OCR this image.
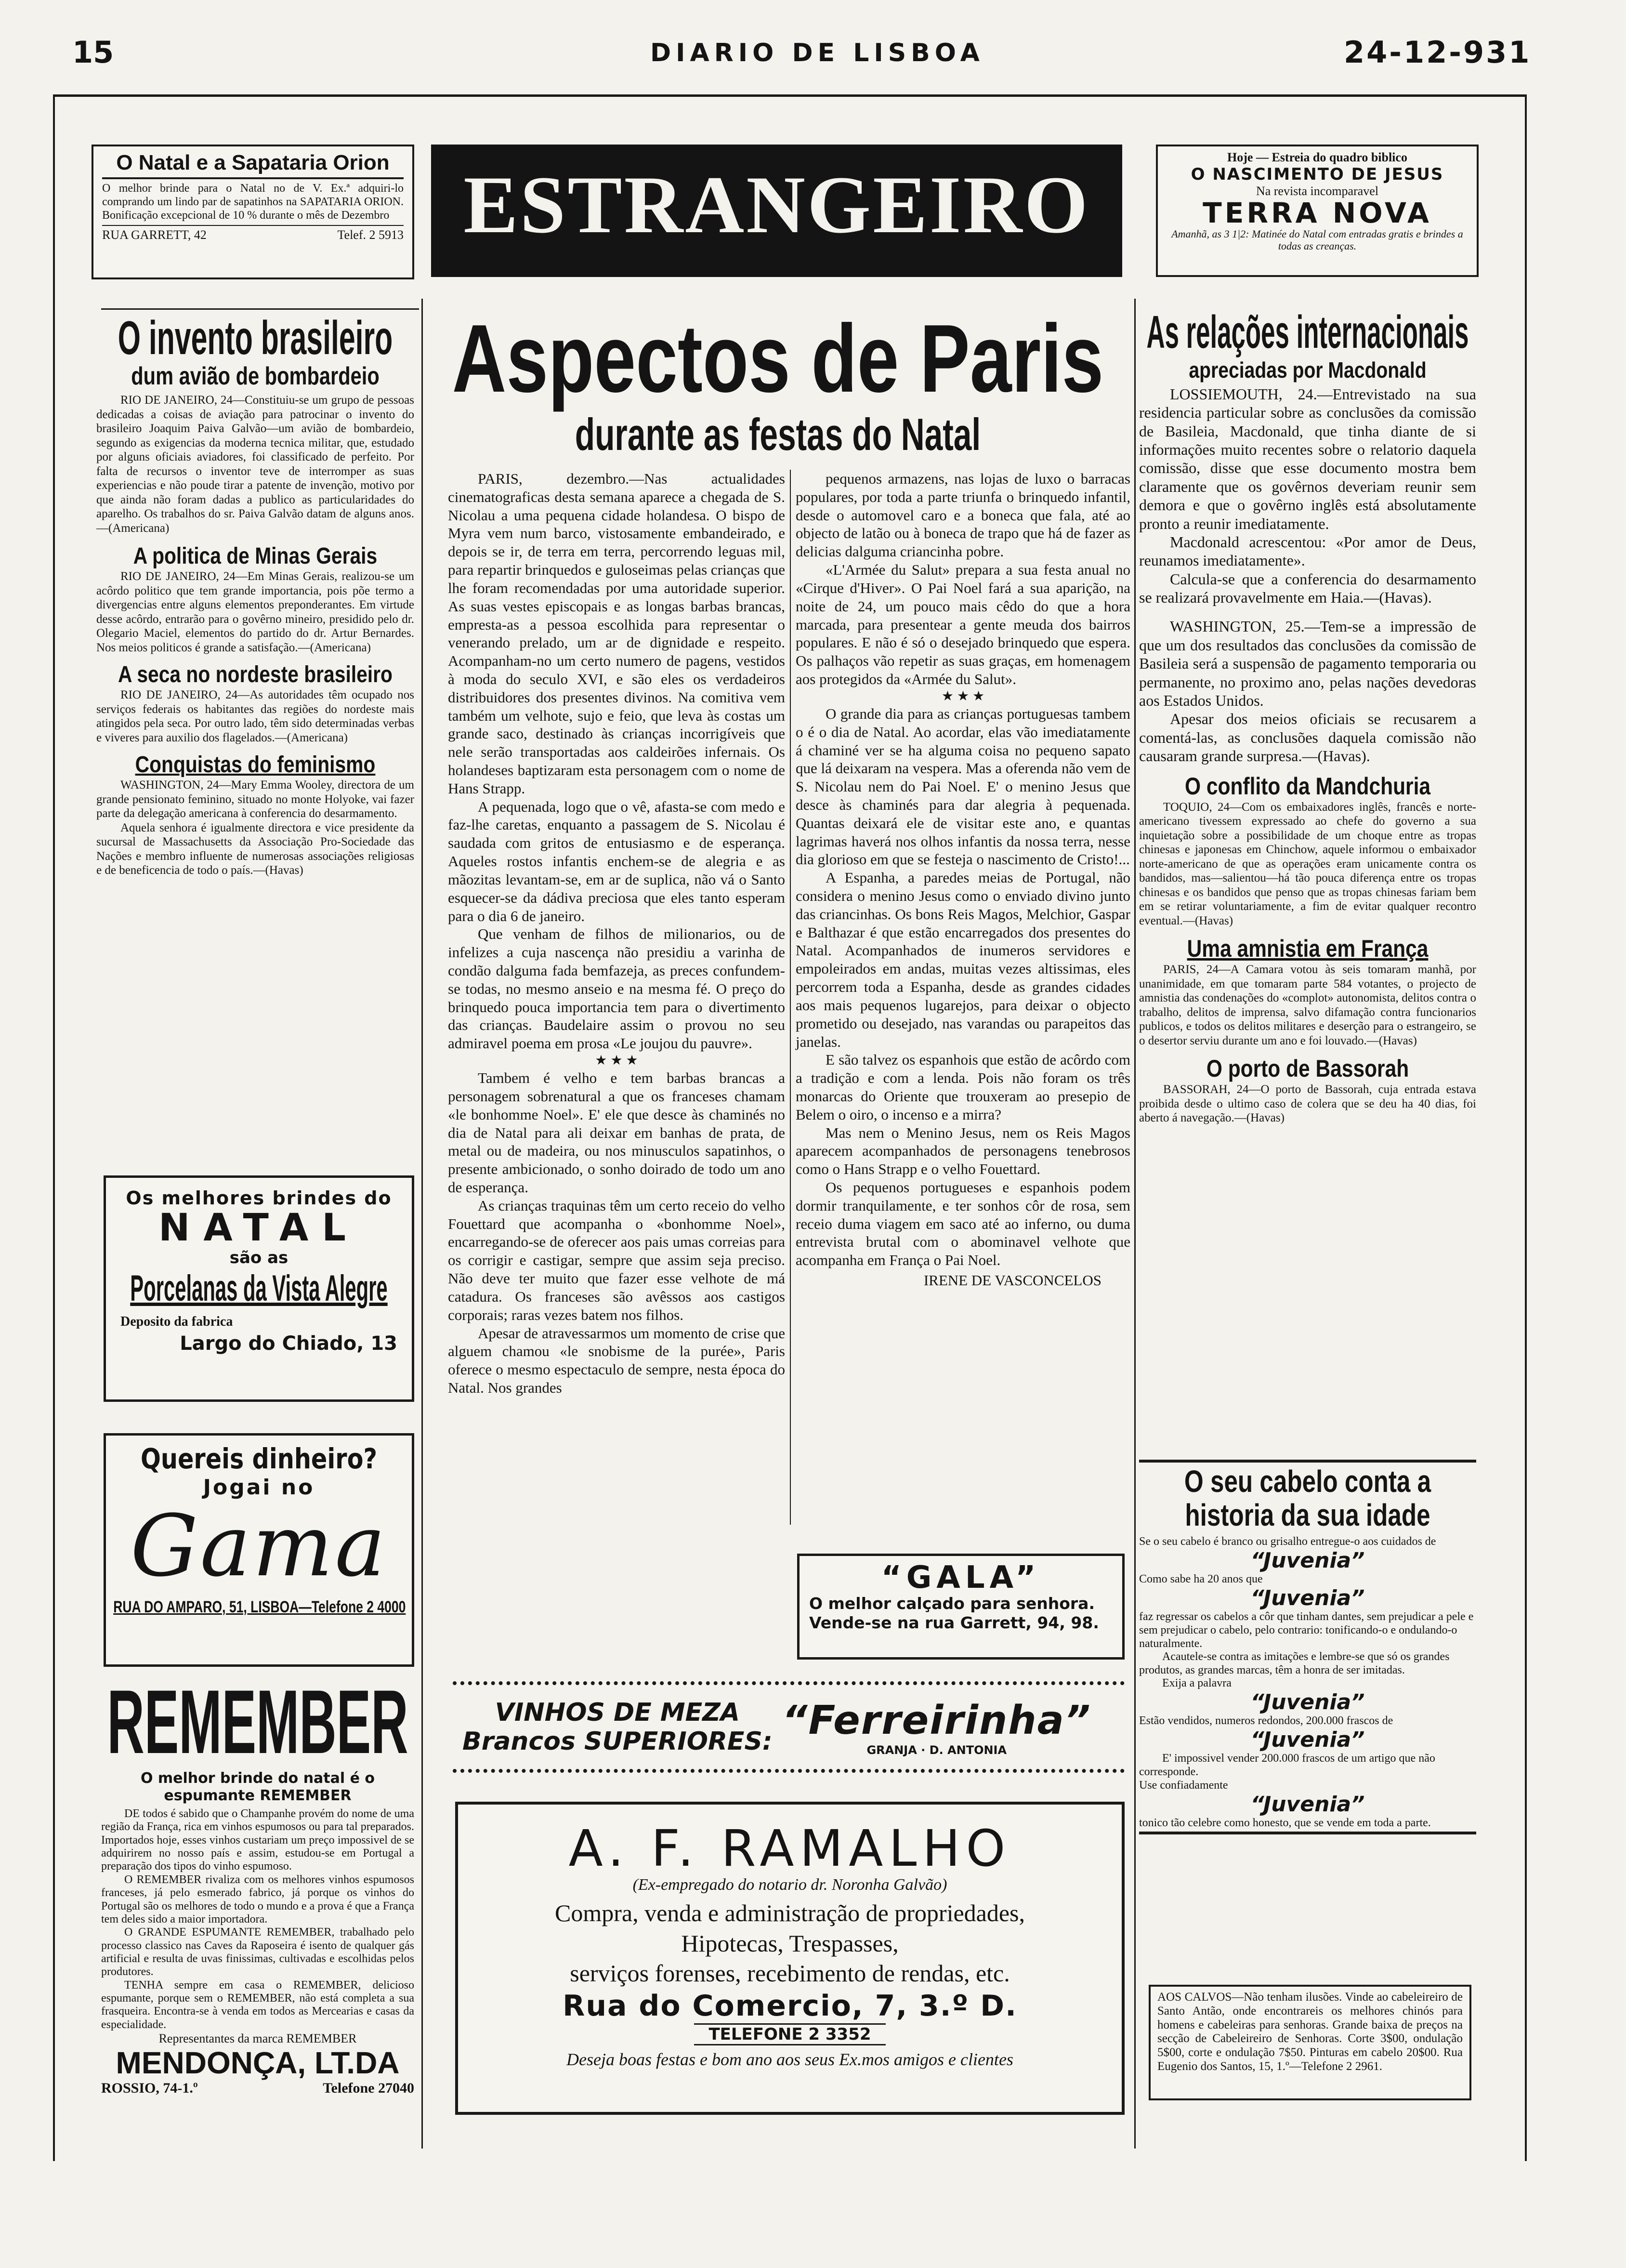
15	DIARIO DE LISBOA	24-12-931
O Natal e a Sapataria Orion
O melhor brinde para o Natal no de V. Ex.ª adquiri-lo comprando um lindo par de sapatinhos na SAPATARIA ORION. Bonificação excepcional de 10 % durante o mês de Dezembro
RUA GARRETT, 42	Telef. 2 5913 ESTRANGEIRO
Hoje — Estreia do quadro biblico
O NASCIMENTO DE JESUS
Na revista incomparavel
TERRA NOVA
Amanhã, as 3 1|2: Matinée do Natal com entradas gratis e brindes a todas as creanças.
O invento brasileiro
dum avião de bombardeio
RIO DE JANEIRO, 24—Constituiu-se um grupo de pessoas dedicadas a coisas de aviação para patrocinar o invento do brasileiro Joaquim Paiva Galvão—um avião de bombardeio, segundo as exigencias da moderna tecnica militar, que, estudado por alguns oficiais aviadores, foi classificado de perfeito. Por falta de recursos o inventor teve de interromper as suas experiencias e não poude tirar a patente de invenção, motivo por que ainda não foram dadas a publico as particularidades do aparelho. Os trabalhos do sr. Paiva Galvão datam de alguns anos.—(Americana)
A politica de Minas Gerais
RIO DE JANEIRO, 24—Em Minas Gerais, realizou-se um acôrdo politico que tem grande importancia, pois põe termo a divergencias entre alguns elementos preponderantes. Em virtude desse acôrdo, entrarão para o govêrno mineiro, presidido pelo dr. Olegario Maciel, elementos do partido do dr. Artur Bernardes. Nos meios politicos é grande a satisfação.—(Americana)
A seca no nordeste brasileiro
RIO DE JANEIRO, 24—As autoridades têm ocupado nos serviços federais os habitantes das regiões do nordeste mais atingidos pela seca. Por outro lado, têm sido determinadas verbas e viveres para auxilio dos flagelados.—(Americana)
Conquistas do feminismo
WASHINGTON, 24—Mary Emma Wooley, directora de um grande pensionato feminino, situado no monte Holyoke, vai fazer parte da delegação americana à conferencia do desarmamento.
Aquela senhora é igualmente directora e vice presidente da sucursal de Massachusetts da Associação Pro-Sociedade das Nações e membro influente de numerosas associações religiosas e de beneficencia de todo o país.—(Havas)
Os melhores brindes do
NATAL
são as
Porcelanas da Vista Alegre
Deposito da fabrica
Largo do Chiado, 13
Quereis dinheiro?
Jogai no
Gama
RUA DO AMPARO, 51, LISBOA—Telefone 2 4000
REMEMBER
O melhor brinde do natal é o espumante REMEMBER
DE todos é sabido que o Champanhe provém do nome de uma região da França, rica em vinhos espumosos ou para tal preparados. Importados hoje, esses vinhos custariam um preço impossivel de se adquirirem no nosso país e assim, estudou-se em Portugal a preparação dos tipos do vinho espumoso.
O REMEMBER rivaliza com os melhores vinhos espumosos franceses, já pelo esmerado fabrico, já porque os vinhos do Portugal são os melhores de todo o mundo e a prova é que a França tem deles sido a maior importadora.
O GRANDE ESPUMANTE REMEMBER, trabalhado pelo processo classico nas Caves da Raposeira é isento de qualquer gás artificial e resulta de uvas finissimas, cultivadas e escolhidas pelos produtores.
TENHA sempre em casa o REMEMBER, delicioso espumante, porque sem o REMEMBER, não está completa a sua frasqueira. Encontra-se à venda em todos as Mercearias e casas da especialidade.
Representantes da marca REMEMBER
MENDONÇA, LT.DA
ROSSIO, 74-1.º	Telefone 27040
Aspectos de Paris
durante as festas do Natal
PARIS, dezembro.—Nas actualidades cinematograficas desta semana aparece a chegada de S. Nicolau a uma pequena cidade holandesa. O bispo de Myra vem num barco, vistosamente embandeirado, e depois se ir, de terra em terra, percorrendo leguas mil, para repartir brinquedos e guloseimas pelas crianças que lhe foram recomendadas por uma autoridade superior. As suas vestes episcopais e as longas barbas brancas, empresta-as a pessoa escolhida para representar o venerando prelado, um ar de dignidade e respeito. Acompanham-no um certo numero de pagens, vestidos à moda do seculo XVI, e são eles os verdadeiros distribuidores dos presentes divinos. Na comitiva vem também um velhote, sujo e feio, que leva às costas um grande saco, destinado às crianças incorrigíveis que nele serão transportadas aos caldeirões infernais. Os holandeses baptizaram esta personagem com o nome de Hans Strapp.
A pequenada, logo que o vê, afasta-se com medo e faz-lhe caretas, enquanto a passagem de S. Nicolau é saudada com gritos de entusiasmo e de esperança. Aqueles rostos infantis enchem-se de alegria e as mãozitas levantam-se, em ar de suplica, não vá o Santo esquecer-se da dádiva preciosa que eles tanto esperam para o dia 6 de janeiro.
Que venham de filhos de milionarios, ou de infelizes a cuja nascença não presidiu a varinha de condão dalguma fada bemfazeja, as preces confundem-se todas, no mesmo anseio e na mesma fé. O preço do brinquedo pouca importancia tem para o divertimento das crianças. Baudelaire assim o provou no seu admiravel poema em prosa «Le joujou du pauvre».
★ ★ ★
Tambem é velho e tem barbas brancas a personagem sobrenatural a que os franceses chamam «le bonhomme Noel». E' ele que desce às chaminés no dia de Natal para ali deixar em banhas de prata, de metal ou de madeira, ou nos minusculos sapatinhos, o presente ambicionado, o sonho doirado de todo um ano de esperança.
As crianças traquinas têm um certo receio do velho Fouettard que acompanha o «bonhomme Noel», encarregando-se de oferecer aos pais umas correias para os corrigir e castigar, sempre que assim seja preciso. Não deve ter muito que fazer esse velhote de má catadura. Os franceses são avêssos aos castigos corporais; raras vezes batem nos filhos.
Apesar de atravessarmos um momento de crise que alguem chamou «le snobisme de la purée», Paris oferece o mesmo espectaculo de sempre, nesta época do Natal. Nos grandes
pequenos armazens, nas lojas de luxo o barracas populares, por toda a parte triunfa o brinquedo infantil, desde o automovel caro e a boneca que fala, até ao objecto de latão ou à boneca de trapo que há de fazer as delicias dalguma criancinha pobre.
«L'Armée du Salut» prepara a sua festa anual no «Cirque d'Hiver». O Pai Noel fará a sua aparição, na noite de 24, um pouco mais cêdo do que a hora marcada, para presentear a gente meuda dos bairros populares. E não é só o desejado brinquedo que espera. Os palhaços vão repetir as suas graças, em homenagem aos protegidos da «Armée du Salut».
★ ★ ★
O grande dia para as crianças portuguesas tambem o é o dia de Natal. Ao acordar, elas vão imediatamente á chaminé ver se ha alguma coisa no pequeno sapato que lá deixaram na vespera. Mas a oferenda não vem de S. Nicolau nem do Pai Noel. E' o menino Jesus que desce às chaminés para dar alegria à pequenada. Quantas deixará ele de visitar este ano, e quantas lagrimas haverá nos olhos infantis da nossa terra, nesse dia glorioso em que se festeja o nascimento de Cristo!...
A Espanha, a paredes meias de Portugal, não considera o menino Jesus como o enviado divino junto das criancinhas. Os bons Reis Magos, Melchior, Gaspar e Balthazar é que estão encarregados dos presentes do Natal. Acompanhados de inumeros servidores e empoleirados em andas, muitas vezes altissimas, eles percorrem toda a Espanha, desde as grandes cidades aos mais pequenos lugarejos, para deixar o objecto prometido ou desejado, nas varandas ou parapeitos das janelas.
E são talvez os espanhois que estão de acôrdo com a tradição e com a lenda. Pois não foram os três monarcas do Oriente que trouxeram ao presepio de Belem o oiro, o incenso e a mirra?
Mas nem o Menino Jesus, nem os Reis Magos aparecem acompanhados de personagens tenebrosos como o Hans Strapp e o velho Fouettard.
Os pequenos portugueses e espanhois podem dormir tranquilamente, e ter sonhos côr de rosa, sem receio duma viagem em saco até ao inferno, ou duma entrevista brutal com o abominavel velhote que acompanha em França o Pai Noel.
IRENE DE VASCONCELOS
“GALA”
O melhor calçado para senhora. Vende-se na rua Garrett, 94, 98.
VINHOS DE MEZA
Brancos SUPERIORES: “Ferreirinha”
GRANJA · D. ANTONIA
A. F. RAMALHO
(Ex-empregado do notario dr. Noronha Galvão)
Compra, venda e administração de propriedades,
Hipotecas, Trespasses,
serviços forenses, recebimento de rendas, etc.
Rua do Comercio, 7, 3.º D.
TELEFONE 2 3352
Deseja boas festas e bom ano aos seus Ex.mos amigos e clientes
As relações internacionais
apreciadas por Macdonald
LOSSIEMOUTH, 24.—Entrevistado na sua residencia particular sobre as conclusões da comissão de Basileia, Macdonald, que tinha diante de si informações muito recentes sobre o relatorio daquela comissão, disse que esse documento mostra bem claramente que os govêrnos deveriam reunir sem demora e que o govêrno inglês está absolutamente pronto a reunir imediatamente.
Macdonald acrescentou: «Por amor de Deus, reunamos imediatamente».
Calcula-se que a conferencia do desarmamento se realizará provavelmente em Haia.—(Havas).
WASHINGTON, 25.—Tem-se a impressão de que um dos resultados das conclusões da comissão de Basileia será a suspensão de pagamento temporaria ou permanente, no proximo ano, pelas nações devedoras aos Estados Unidos.
Apesar dos meios oficiais se recusarem a comentá-las, as conclusões daquela comissão não causaram grande surpresa.—(Havas).
O conflito da Mandchuria
TOQUIO, 24—Com os embaixadores inglês, francês e norte-americano tivessem expressado ao chefe do governo a sua inquietação sobre a possibilidade de um choque entre as tropas chinesas e japonesas em Chinchow, aquele informou o embaixador norte-americano de que as operações eram unicamente contra os bandidos, mas—salientou—há tão pouca diferença entre os tropas chinesas e os bandidos que penso que as tropas chinesas fariam bem em se retirar voluntariamente, a fim de evitar qualquer recontro eventual.—(Havas)
Uma amnistia em França
PARIS, 24—A Camara votou às seis tomaram manhã, por unanimidade, em que tomaram parte 584 votantes, o projecto de amnistia das condenações do «complot» autonomista, delitos contra o trabalho, delitos de imprensa, salvo difamação contra funcionarios publicos, e todos os delitos militares e deserção para o estrangeiro, se o desertor serviu durante um ano e foi louvado.—(Havas)
O porto de Bassorah
BASSORAH, 24—O porto de Bassorah, cuja entrada estava proibida desde o ultimo caso de colera que se deu ha 40 dias, foi aberto á navegação.—(Havas)
O seu cabelo conta a historia da sua idade
Se o seu cabelo é branco ou grisalho entregue-o aos cuidados de
“Juvenia”
Como sabe ha 20 anos que
“Juvenia”
faz regressar os cabelos a côr que tinham dantes, sem prejudicar a pele e sem prejudicar o cabelo, pelo contrario: tonificando-o e ondulando-o naturalmente.
Acautele-se contra as imitações e lembre-se que só os grandes produtos, as grandes marcas, têm a honra de ser imitadas.
Exija a palavra
“Juvenia”
Estão vendidos, numeros redondos, 200.000 frascos de
“Juvenia”
E' impossivel vender 200.000 frascos de um artigo que não corresponde.
Use confiadamente
“Juvenia”
tonico tão celebre como honesto, que se vende em toda a parte.
AOS CALVOS—Não tenham ilusões. Vinde ao cabeleireiro de Santo Antão, onde encontrareis os melhores chinós para homens e cabeleiras para senhoras. Grande baixa de preços na secção de Cabeleireiro de Senhoras. Corte 3$00, ondulação 5$00, corte e ondulação 7$50. Pinturas em cabelo 20$00. Rua Eugenio dos Santos, 15, 1.º—Telefone 2 2961.
